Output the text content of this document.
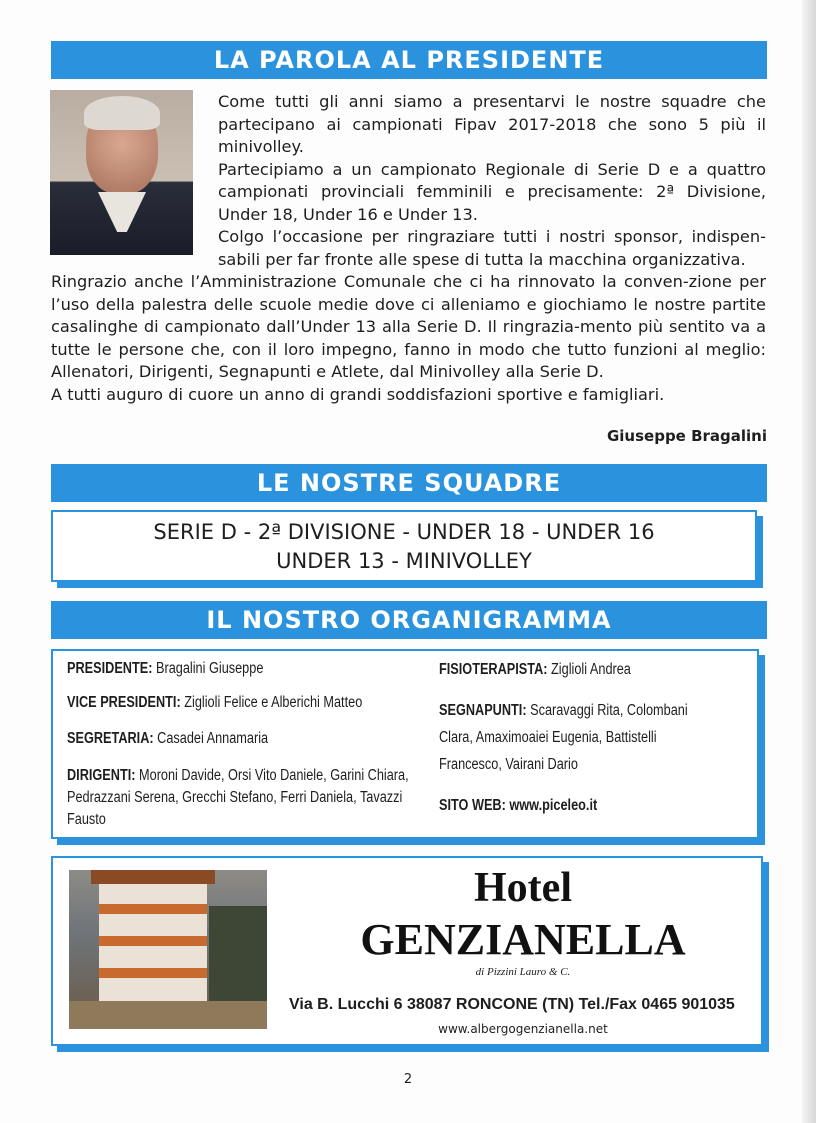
LA PAROLA AL PRESIDENTE

Come tutti gli anni siamo a presentarvi le nostre squadre che partecipano ai campionati Fipav 2017-2018 che sono 5 più il minivolley.

Partecipiamo a un campionato Regionale di Serie D e a quattro campionati provinciali femminili e precisamente: 2ª Divisione, Under 18, Under 16 e Under 13.

Colgo l’occasione per ringraziare tutti i nostri sponsor, indispen-sabili per far fronte alle spese di tutta la macchina organizzativa.

Ringrazio anche l’Amministrazione Comunale che ci ha rinnovato la conven-zione per l’uso della palestra delle scuole medie dove ci alleniamo e giochiamo le nostre partite casalinghe di campionato dall’Under 13 alla Serie D. Il ringrazia-mento più sentito va a tutte le persone che, con il loro impegno, fanno in modo che tutto funzioni al meglio: Allenatori, Dirigenti, Segnapunti e Atlete, dal Minivolley alla Serie D.

A tutti auguro di cuore un anno di grandi soddisfazioni sportive e famigliari.

Giuseppe Bragalini
LE NOSTRE SQUADRE
SERIE D - 2ª DIVISIONE - UNDER 18 - UNDER 16
UNDER 13 - MINIVOLLEY
IL NOSTRO ORGANIGRAMMA
PRESIDENTE: Bragalini Giuseppe
VICE PRESIDENTI: Ziglioli Felice e Alberichi Matteo
SEGRETARIA: Casadei Annamaria
DIRIGENTI: Moroni Davide, Orsi Vito Daniele, Garini Chiara, Pedrazzani Serena, Grecchi Stefano, Ferri Daniela, Tavazzi Fausto
FISIOTERAPISTA: Ziglioli Andrea
SEGNAPUNTI: Scaravaggi Rita, Colombani Clara, Amaximoaiei Eugenia, Battistelli Francesco, Vairani Dario
SITO WEB: www.piceleo.it
Hotel
GENZIANELLA
di Pizzini Lauro & C.
Via B. Lucchi 6 38087 RONCONE (TN) Tel./Fax 0465 901035
www.albergogenzianella.net
2
